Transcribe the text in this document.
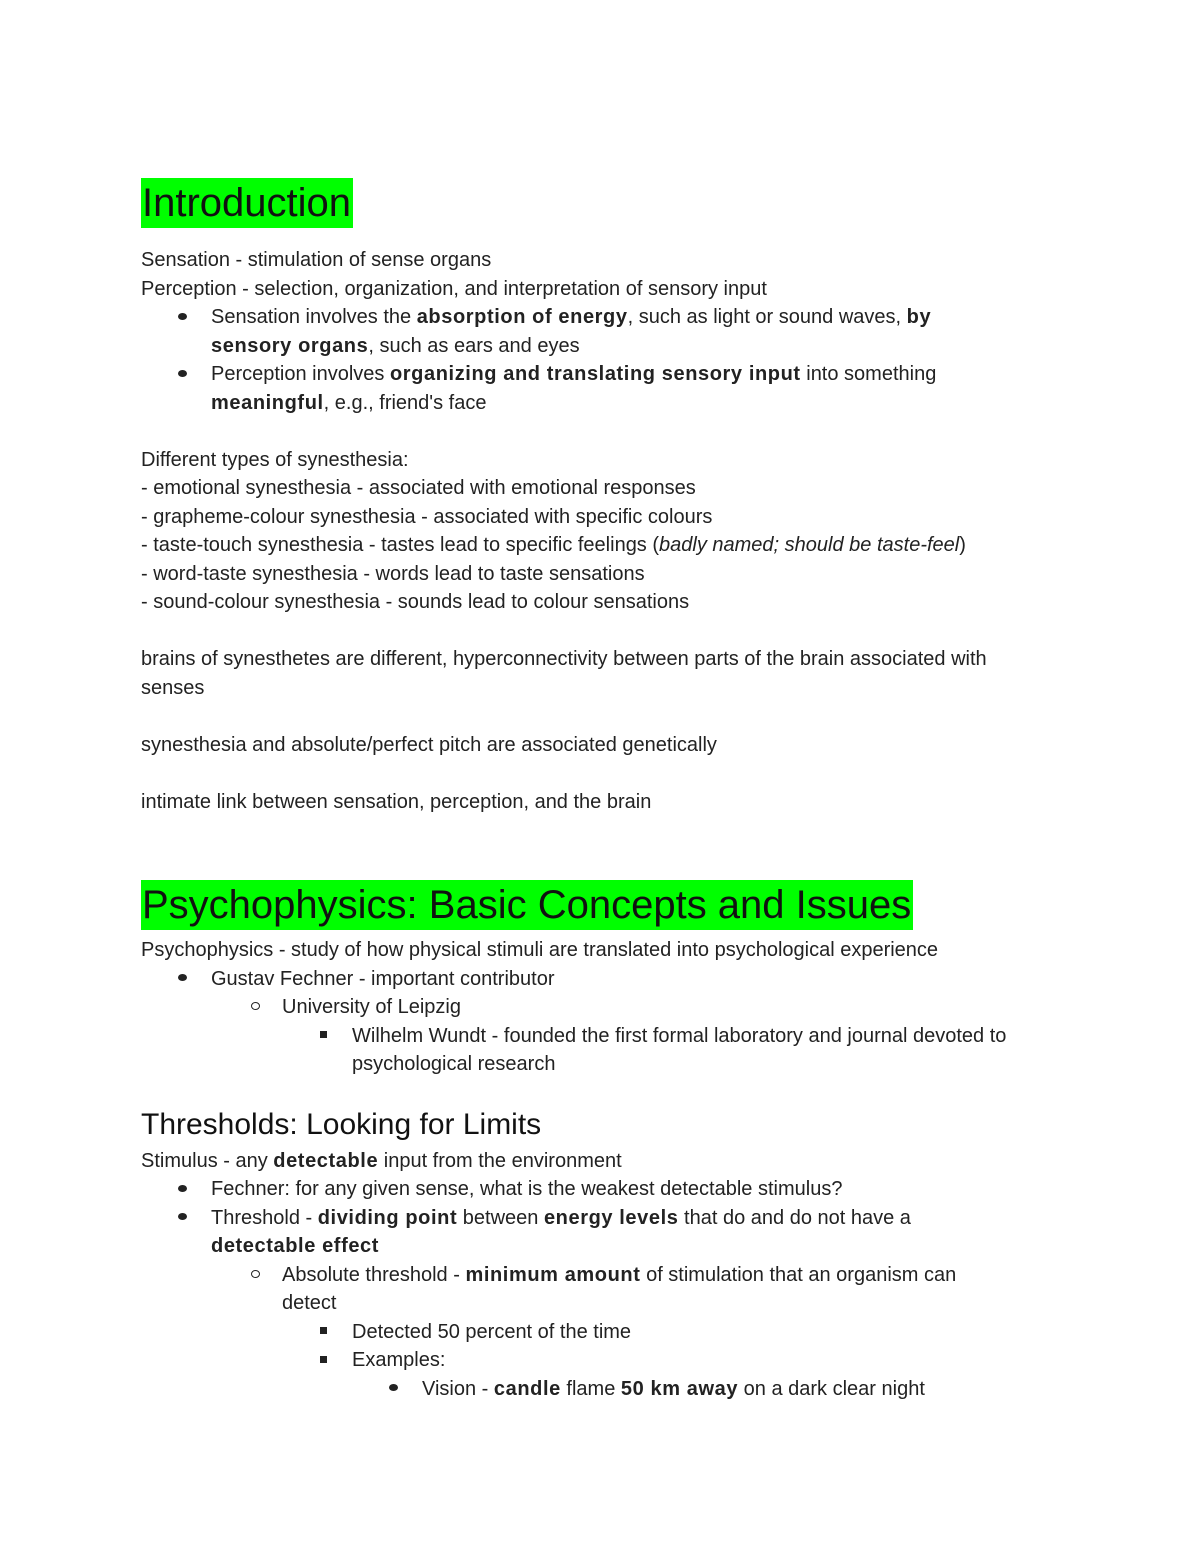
Introduction

Sensation - stimulation of sense organs

Perception - selection, organization, and interpretation of sensory input

Sensation involves the absorption of energy, such as light or sound waves, by
sensory organs, such as ears and eyes
Perception involves organizing and translating sensory input into something
meaningful, e.g., friend's face

Different types of synesthesia:

- emotional synesthesia - associated with emotional responses

- grapheme-colour synesthesia - associated with specific colours

- taste-touch synesthesia - tastes lead to specific feelings (badly named; should be taste-feel)

- word-taste synesthesia - words lead to taste sensations

- sound-colour synesthesia - sounds lead to colour sensations

brains of synesthetes are different, hyperconnectivity between parts of the brain associated with
senses

synesthesia and absolute/perfect pitch are associated genetically

intimate link between sensation, perception, and the brain

Psychophysics: Basic Concepts and Issues

Psychophysics - study of how physical stimuli are translated into psychological experience

Gustav Fechner - important contributor
University of Leipzig
Wilhelm Wundt - founded the first formal laboratory and journal devoted to
psychological research
Thresholds: Looking for Limits

Stimulus - any detectable input from the environment

Fechner: for any given sense, what is the weakest detectable stimulus?
Threshold - dividing point between energy levels that do and do not have a
detectable effect
Absolute threshold - minimum amount of stimulation that an organism can
detect
Detected 50 percent of the time
Examples:
Vision - candle flame 50 km away on a dark clear night
